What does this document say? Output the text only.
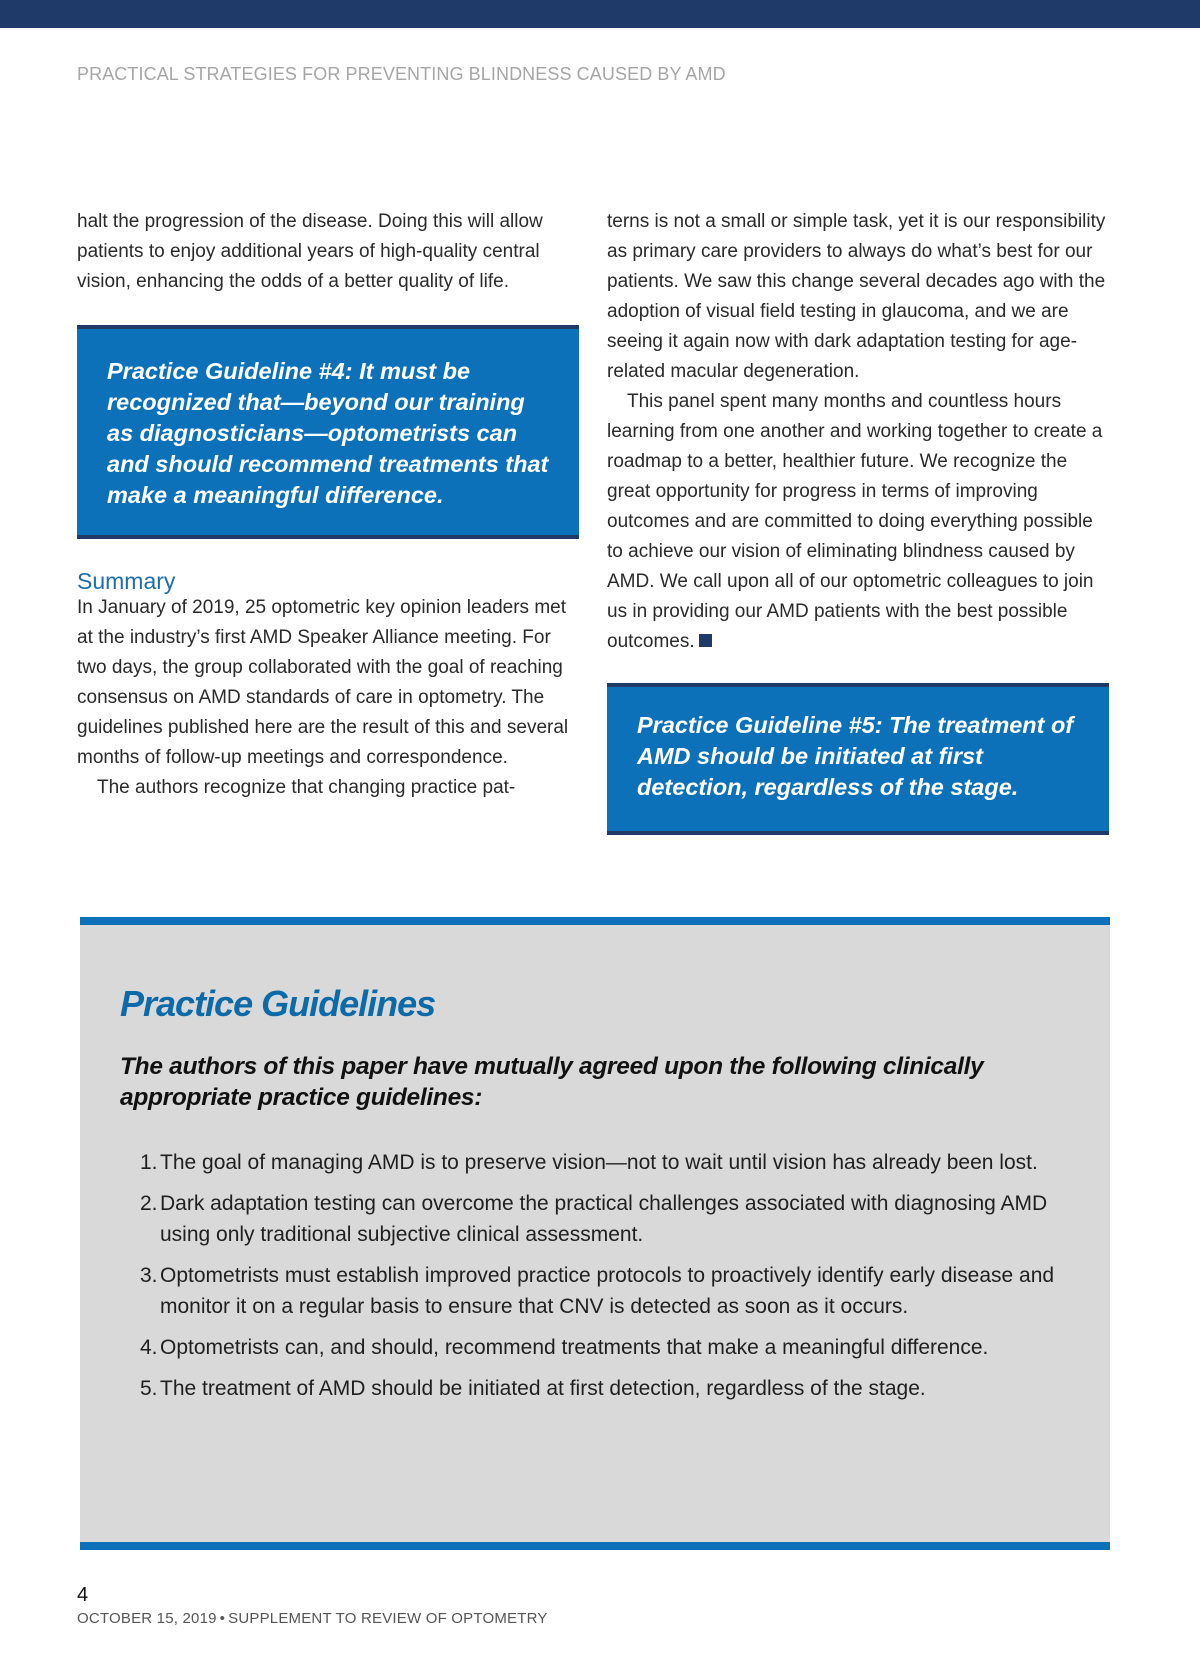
PRACTICAL STRATEGIES FOR PREVENTING BLINDNESS CAUSED BY AMD

halt the progression of the disease. Doing this will allow patients to enjoy additional years of high-quality central vision, enhancing the odds of a better quality of life.

Practice Guideline #4: It must be recognized that—beyond our training as diagnosticians—optometrists can and should recommend treatments that make a meaningful difference.
Summary

In January of 2019, 25 optometric key opinion leaders met at the industry’s first AMD Speaker Alliance meeting. For two days, the group collaborated with the goal of reaching consensus on AMD standards of care in optometry. The guidelines published here are the result of this and several months of follow-up meetings and correspondence.

The authors recognize that changing practice pat-

terns is not a small or simple task, yet it is our responsibility as primary care providers to always do what’s best for our patients. We saw this change several decades ago with the adoption of visual field testing in glaucoma, and we are seeing it again now with dark adaptation testing for age-related macular degeneration.

This panel spent many months and countless hours learning from one another and working together to create a roadmap to a better, healthier future. We recognize the great opportunity for progress in terms of improving outcomes and are committed to doing everything possible to achieve our vision of eliminating blindness caused by AMD. We call upon all of our optometric colleagues to join us in providing our AMD patients with the best possible outcomes.

Practice Guideline #5: The treatment of AMD should be initiated at first detection, regardless of the stage.
Practice Guidelines

The authors of this paper have mutually agreed upon the following clinically appropriate practice guidelines:

1. The goal of managing AMD is to preserve vision—not to wait until vision has already been lost.
2. Dark adaptation testing can overcome the practical challenges associated with diagnosing AMD using only traditional subjective clinical assessment.
3. Optometrists must establish improved practice protocols to proactively identify early disease and monitor it on a regular basis to ensure that CNV is detected as soon as it occurs.
4. Optometrists can, and should, recommend treatments that make a meaningful difference.
5. The treatment of AMD should be initiated at first detection, regardless of the stage.
4
OCTOBER 15, 2019 • SUPPLEMENT TO REVIEW OF OPTOMETRY
